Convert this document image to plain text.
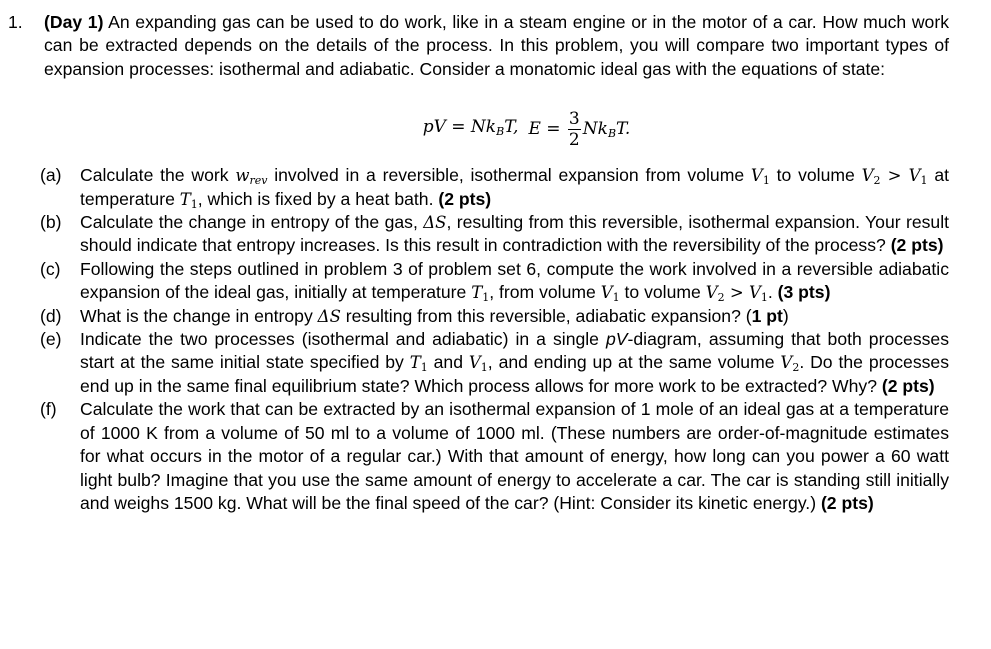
1. (Day 1) An expanding gas can be used to do work, like in a steam engine or in the motor of a car. How much work can be extracted depends on the details of the process. In this problem, you will compare two important types of expansion processes: isothermal and adiabatic. Consider a monatomic ideal gas with the equations of state:
pV = $Nk_BT$, $E = \frac{3}{2} Nk_BT$.
(a) Calculate the work $w_{rev}$ involved in a reversible, isothermal expansion from volume $V_1$ to volume $V_2 > V_1$ at temperature $T_1$, which is fixed by a heat bath. (2 pts)
(b) Calculate the change in entropy of the gas, ΔS, resulting from this reversible, isothermal expansion. Your result should indicate that entropy increases. Is this result in contradiction with the reversibility of the process? (2 pts)
(c) Following the steps outlined in problem 3 of problem set 6, compute the work involved in a reversible adiabatic expansion of the ideal gas, initially at temperature $T_1$, from volume $V_1$ to volume $V_2 > V_1$. (3 pts)
(d) What is the change in entropy ΔS resulting from this reversible, adiabatic expansion? (1 pt)
(e) Indicate the two processes (isothermal and adiabatic) in a single pV-diagram, assuming that both processes start at the same initial state specified by $T_1$ and $V_1$, and ending up at the same volume $V_2$. Do the processes end up in the same final equilibrium state? Which process allows for more work to be extracted? Why? (2 pts)
(f) Calculate the work that can be extracted by an isothermal expansion of 1 mole of an ideal gas at a temperature of 1000 K from a volume of 50 ml to a volume of 1000 ml. (These numbers are order-of-magnitude estimates for what occurs in the motor of a regular car.) With that amount of energy, how long can you power a 60 watt light bulb? Imagine that you use the same amount of energy to accelerate a car. The car is standing still initially and weighs 1500 kg. What will be the final speed of the car? (Hint: Consider its kinetic energy.) (2 pts)
